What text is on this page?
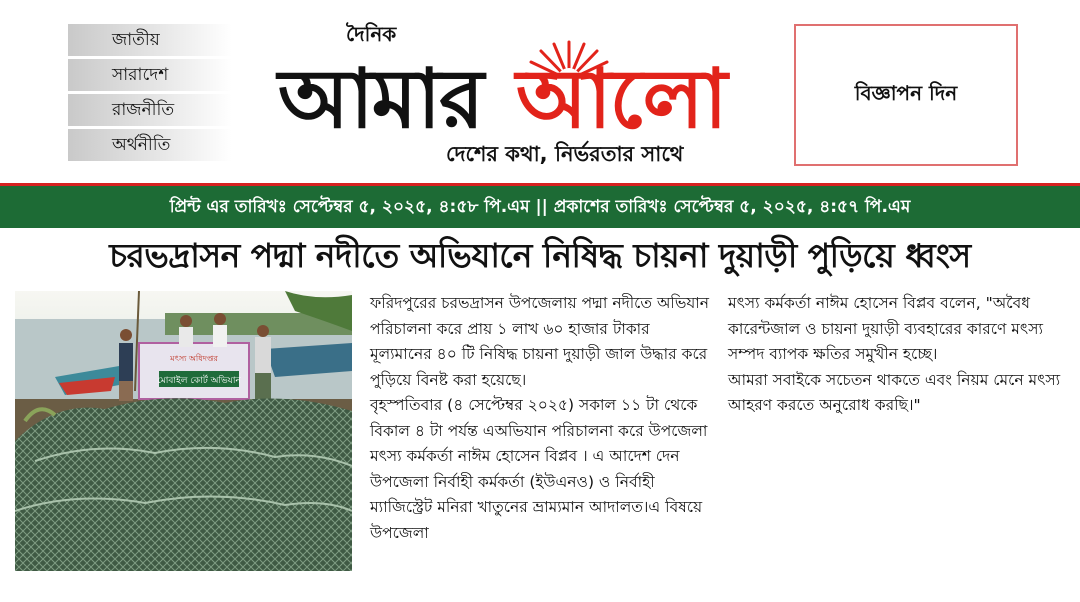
জাতীয়
সারাদেশ
রাজনীতি
অর্থনীতি
দৈনিক
আমার আলো
দেশের কথা, নির্ভরতার সাথে
বিজ্ঞাপন দিন
প্রিন্ট এর তারিখঃ সেপ্টেম্বর ৫, ২০২৫, ৪:৫৮ পি.এম || প্রকাশের তারিখঃ সেপ্টেম্বর ৫, ২০২৫, ৪:৫৭ পি.এম
চরভদ্রাসন পদ্মা নদীতে অভিযানে নিষিদ্ধ চায়না দুয়াড়ী পুড়িয়ে ধ্বংস
মৎস্য অধিদপ্তর
মোবাইল কোর্ট অভিযান

ফরিদপুরের চরভদ্রাসন উপজেলায় পদ্মা নদীতে অভিযান পরিচালনা করে প্রায় ১ লাখ ৬০ হাজার টাকার মূল্যমানের ৪০ টি নিষিদ্ধ চায়না দুয়াড়ী জাল উদ্ধার করে পুড়িয়ে বিনষ্ট করা হয়েছে।

বৃহস্পতিবার (৪ সেপ্টেম্বর ২০২৫) সকাল ১১ টা থেকে বিকাল ৪ টা পর্যন্ত এঅভিযান পরিচালনা করে উপজেলা মৎস্য কর্মকর্তা নাঈম হোসেন বিপ্লব । এ আদেশ দেন উপজেলা নির্বাহী কর্মকর্তা (ইউএনও) ও নির্বাহী ম্যাজিস্ট্রেট মনিরা খাতুনের ভ্রাম্যমান আদালত।এ বিষয়ে উপজেলা

মৎস্য কর্মকর্তা নাঈম হোসেন বিপ্লব বলেন, "অবৈধ কারেন্টজাল ও চায়না দুয়াড়ী ব্যবহারের কারণে মৎস্য সম্পদ ব্যাপক ক্ষতির সমুখীন হচ্ছে।

আমরা সবাইকে সচেতন থাকতে এবং নিয়ম মেনে মৎস্য আহরণ করতে অনুরোধ করছি।"
